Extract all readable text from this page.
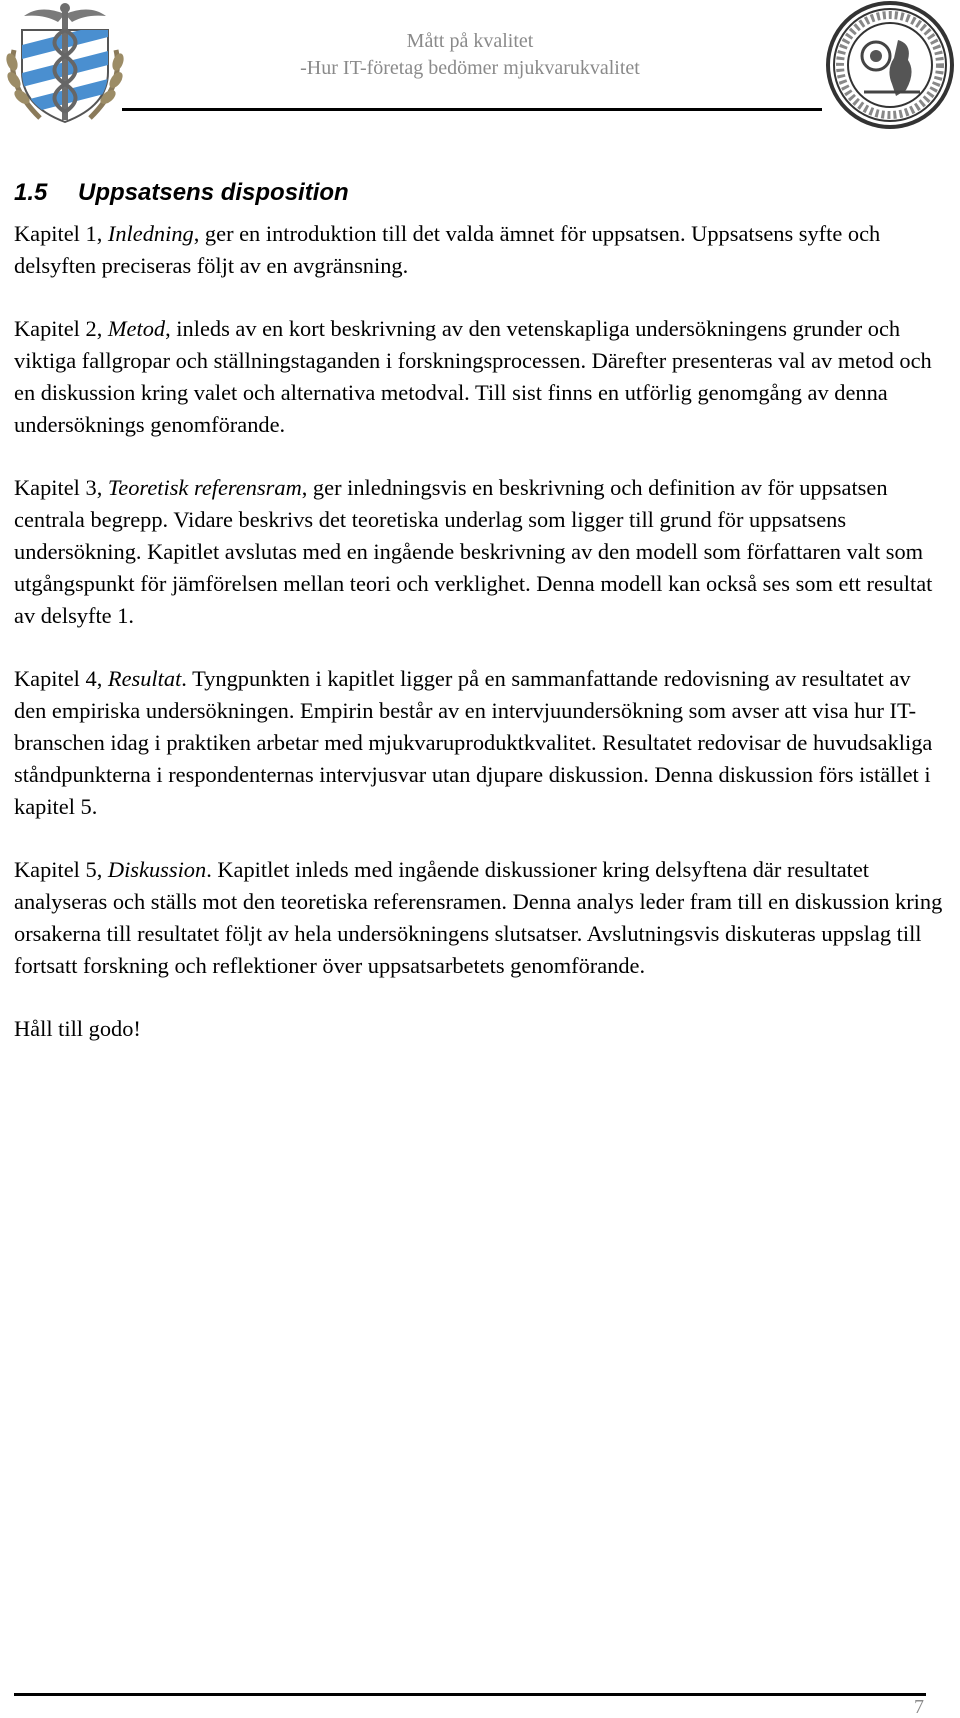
Mått på kvalitet
-Hur IT-företag bedömer mjukvarukvalitet
1.5 Uppsatsens disposition

Kapitel 1, Inledning, ger en introduktion till det valda ämnet för uppsatsen. Uppsatsens syfte och delsyften preciseras följt av en avgränsning.

Kapitel 2, Metod, inleds av en kort beskrivning av den vetenskapliga undersökningens grunder och viktiga fallgropar och ställningstaganden i forskningsprocessen. Därefter presenteras val av metod och en diskussion kring valet och alternativa metodval. Till sist finns en utförlig genomgång av denna undersöknings genomförande.

Kapitel 3, Teoretisk referensram, ger inledningsvis en beskrivning och definition av för uppsatsen centrala begrepp. Vidare beskrivs det teoretiska underlag som ligger till grund för uppsatsens undersökning. Kapitlet avslutas med en ingående beskrivning av den modell som författaren valt som utgångspunkt för jämförelsen mellan teori och verklighet. Denna modell kan också ses som ett resultat av delsyfte 1.

Kapitel 4, Resultat. Tyngpunkten i kapitlet ligger på en sammanfattande redovisning av resultatet av den empiriska undersökningen. Empirin består av en intervjuundersökning som avser att visa hur IT-branschen idag i praktiken arbetar med mjukvaruproduktkvalitet. Resultatet redovisar de huvudsakliga ståndpunkterna i respondenternas intervjusvar utan djupare diskussion. Denna diskussion förs istället i kapitel 5.

Kapitel 5, Diskussion. Kapitlet inleds med ingående diskussioner kring delsyftena där resultatet analyseras och ställs mot den teoretiska referensramen. Denna analys leder fram till en diskussion kring orsakerna till resultatet följt av hela undersökningens slutsatser. Avslutningsvis diskuteras uppslag till fortsatt forskning och reflektioner över uppsatsarbetets genomförande.

Håll till godo!

7
